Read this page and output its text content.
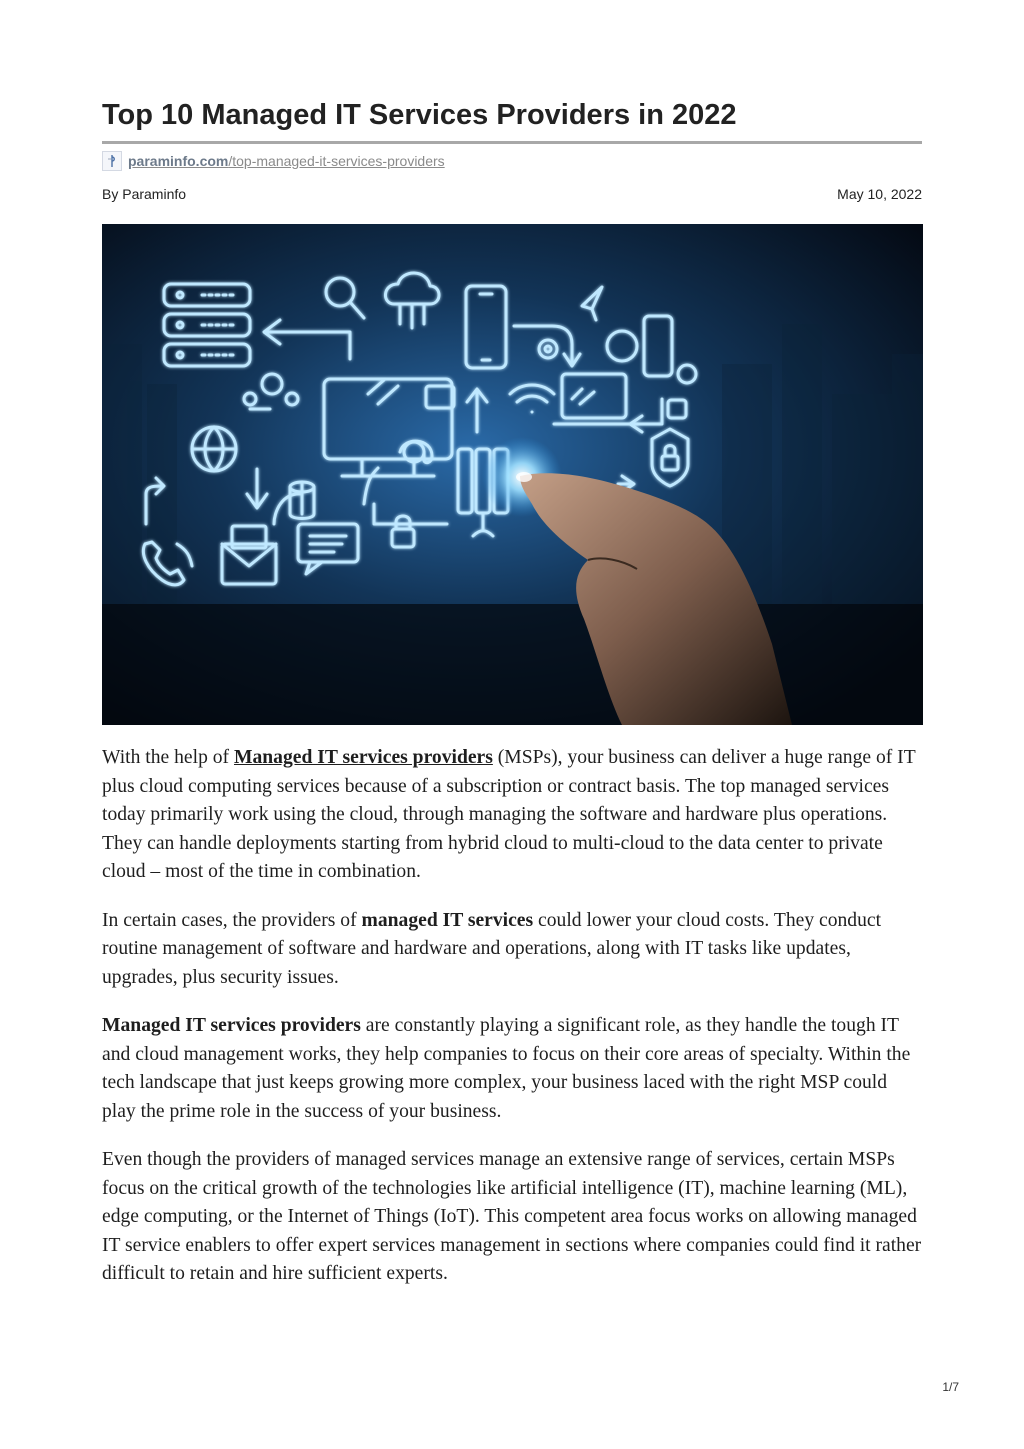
Top 10 Managed IT Services Providers in 2022
paraminfo.com/top-managed-it-services-providers
By Paraminfo	May 10, 2022

With the help of Managed IT services providers (MSPs), your business can deliver a huge range of IT plus cloud computing services because of a subscription or contract basis. The top managed services today primarily work using the cloud, through managing the software and hardware plus operations. They can handle deployments starting from hybrid cloud to multi-cloud to the data center to private cloud – most of the time in combination.

In certain cases, the providers of managed IT services could lower your cloud costs. They conduct routine management of software and hardware and operations, along with IT tasks like updates, upgrades, plus security issues.

Managed IT services providers are constantly playing a significant role, as they handle the tough IT and cloud management works, they help companies to focus on their core areas of specialty. Within the tech landscape that just keeps growing more complex, your business laced with the right MSP could play the prime role in the success of your business.

Even though the providers of managed services manage an extensive range of services, certain MSPs focus on the critical growth of the technologies like artificial intelligence (IT), machine learning (ML), edge computing, or the Internet of Things (IoT). This competent area focus works on allowing managed IT service enablers to offer expert services management in sections where companies could find it rather difficult to retain and hire sufficient experts.

1/7
